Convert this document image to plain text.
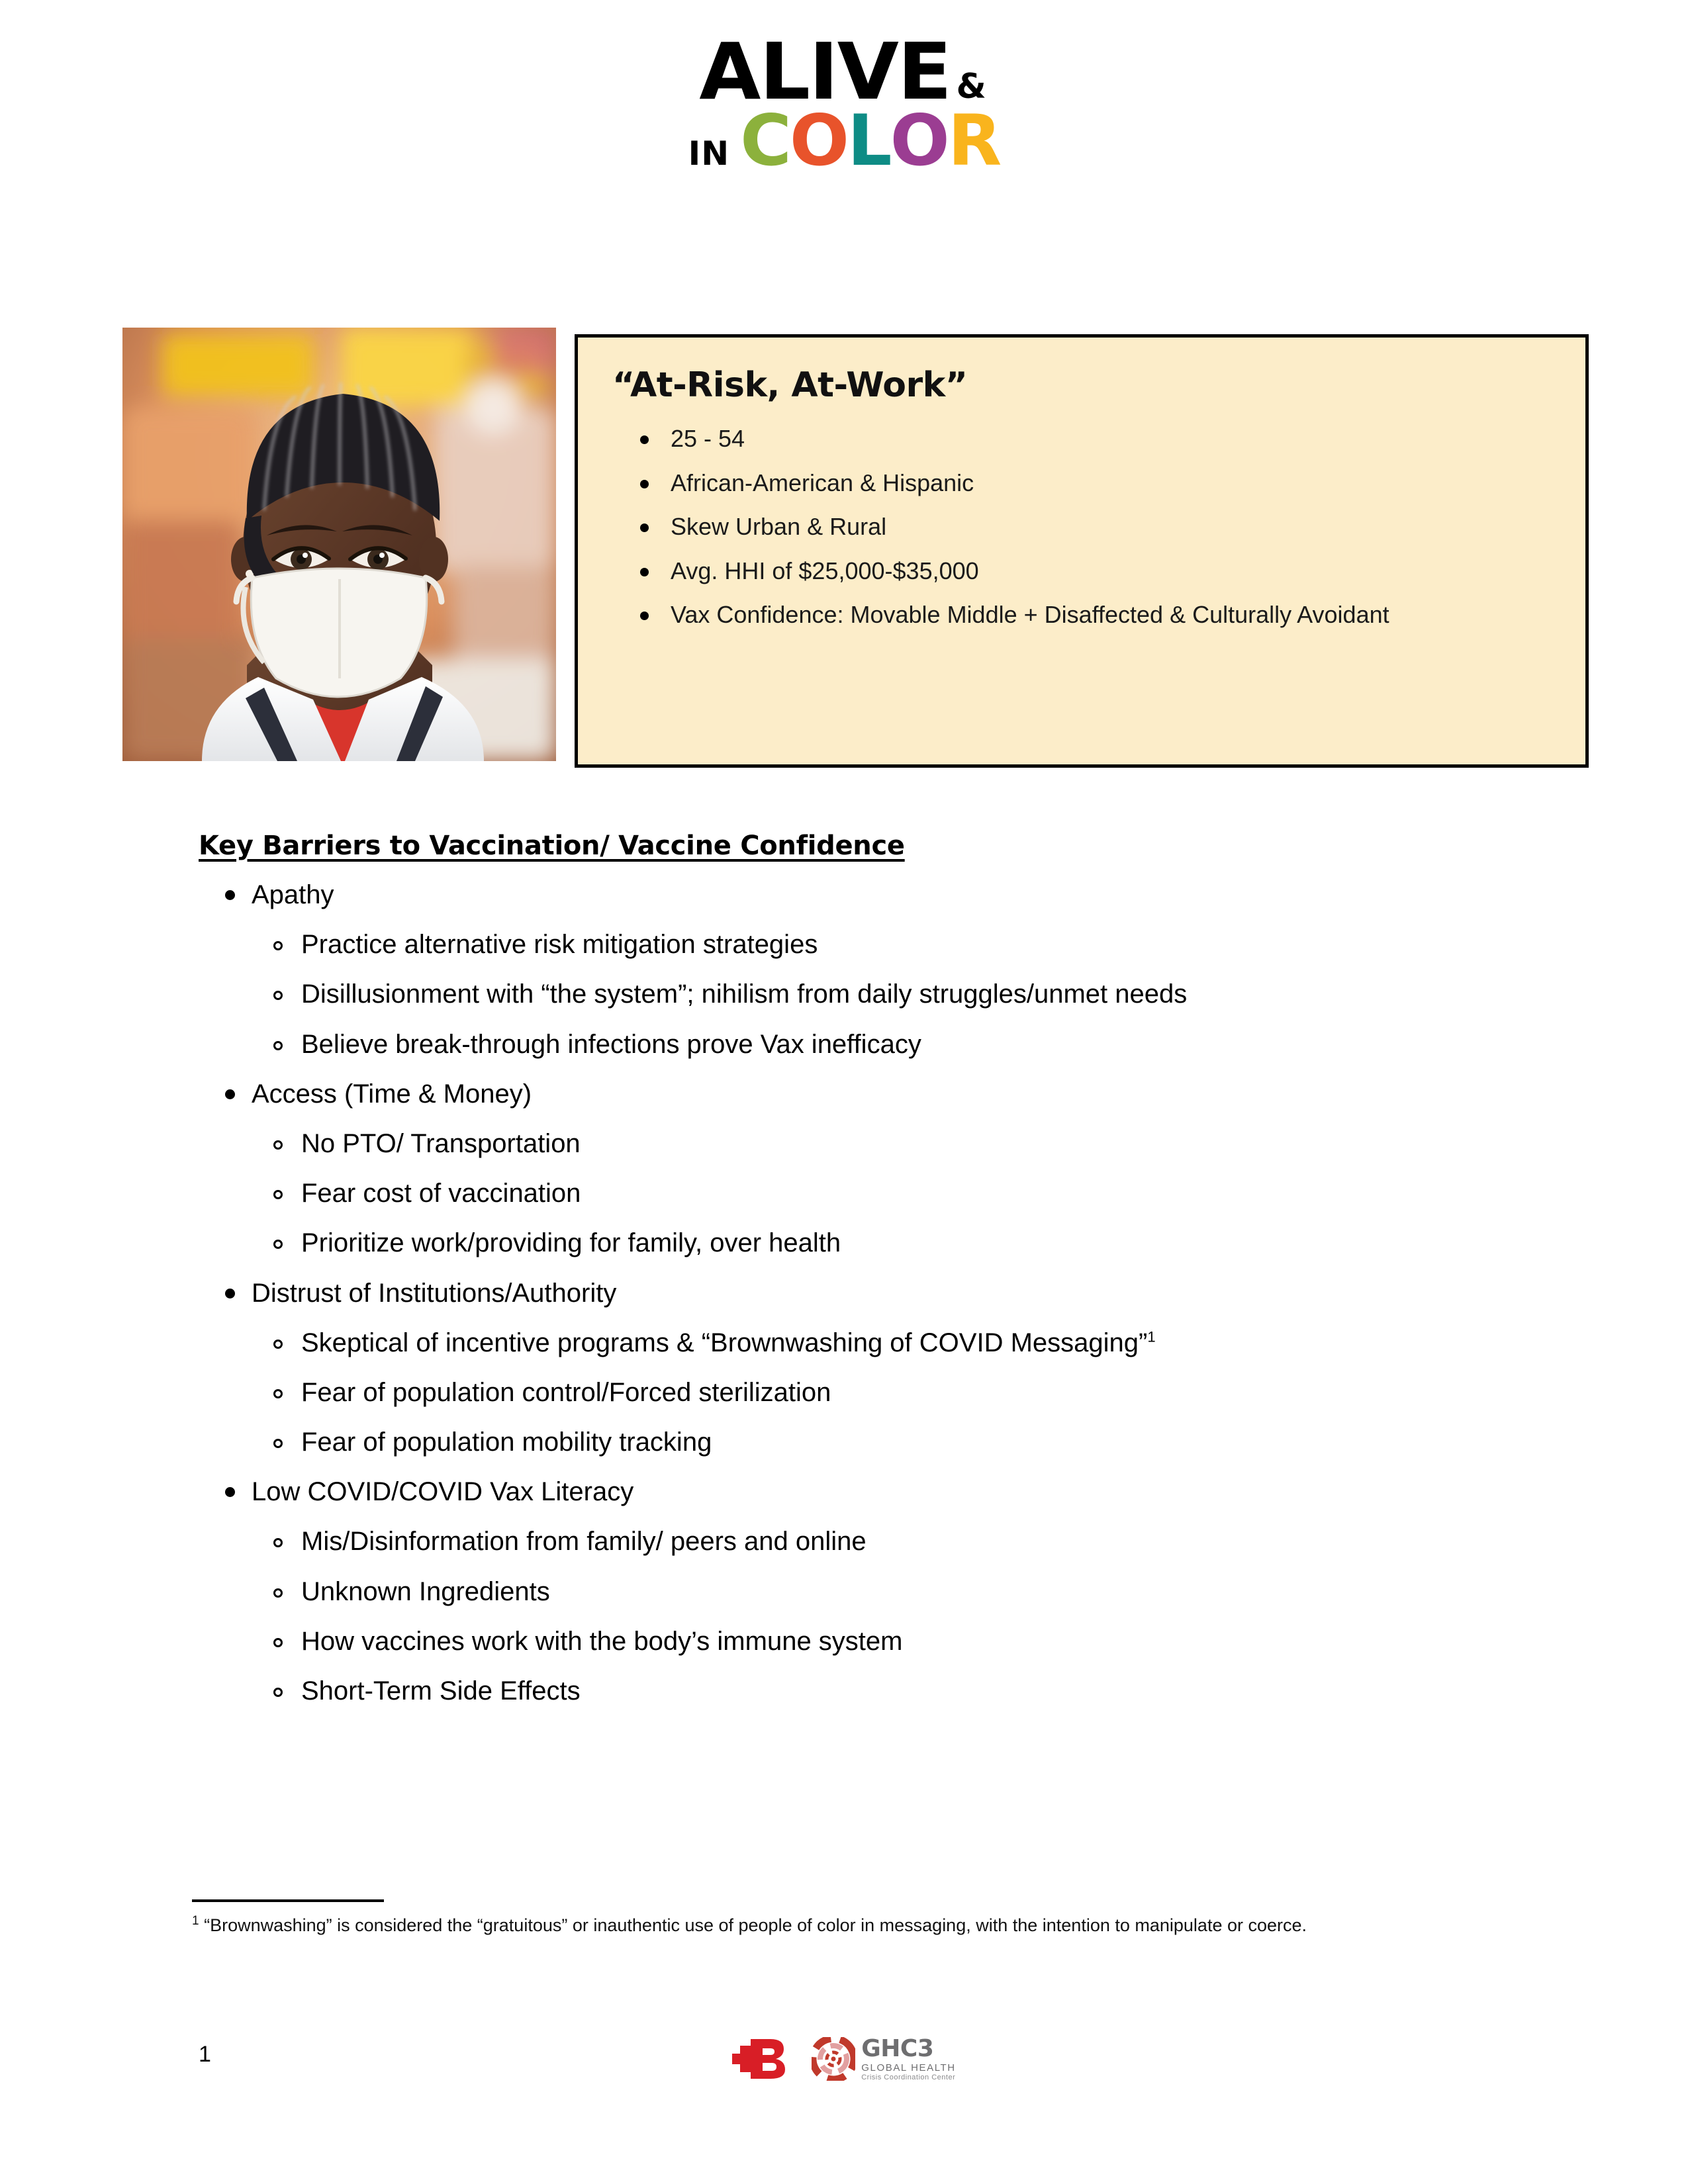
ALIVE &
IN COLOR
“At-Risk, At-Work”
25 - 54
African-American & Hispanic
Skew Urban & Rural
Avg. HHI of $25,000-$35,000
Vax Confidence: Movable Middle + Disaffected & Culturally Avoidant
Key Barriers to Vaccination/ Vaccine Confidence
Apathy
Practice alternative risk mitigation strategies
Disillusionment with “the system”; nihilism from daily struggles/unmet needs
Believe break-through infections prove Vax inefficacy
Access (Time & Money)
No PTO/ Transportation
Fear cost of vaccination
Prioritize work/providing for family, over health
Distrust of Institutions/Authority
Skeptical of incentive programs & “Brownwashing of COVID Messaging”$^1$
Fear of population control/Forced sterilization
Fear of population mobility tracking
Low COVID/COVID Vax Literacy
Mis/Disinformation from family/ peers and online
Unknown Ingredients
How vaccines work with the body’s immune system
Short-Term Side Effects
$^1$ “Brownwashing” is considered the “gratuitous” or inauthentic use of people of color in messaging, with the intention to manipulate or coerce.
1	GHC3
GLOBAL HEALTH
Crisis Coordination Center
